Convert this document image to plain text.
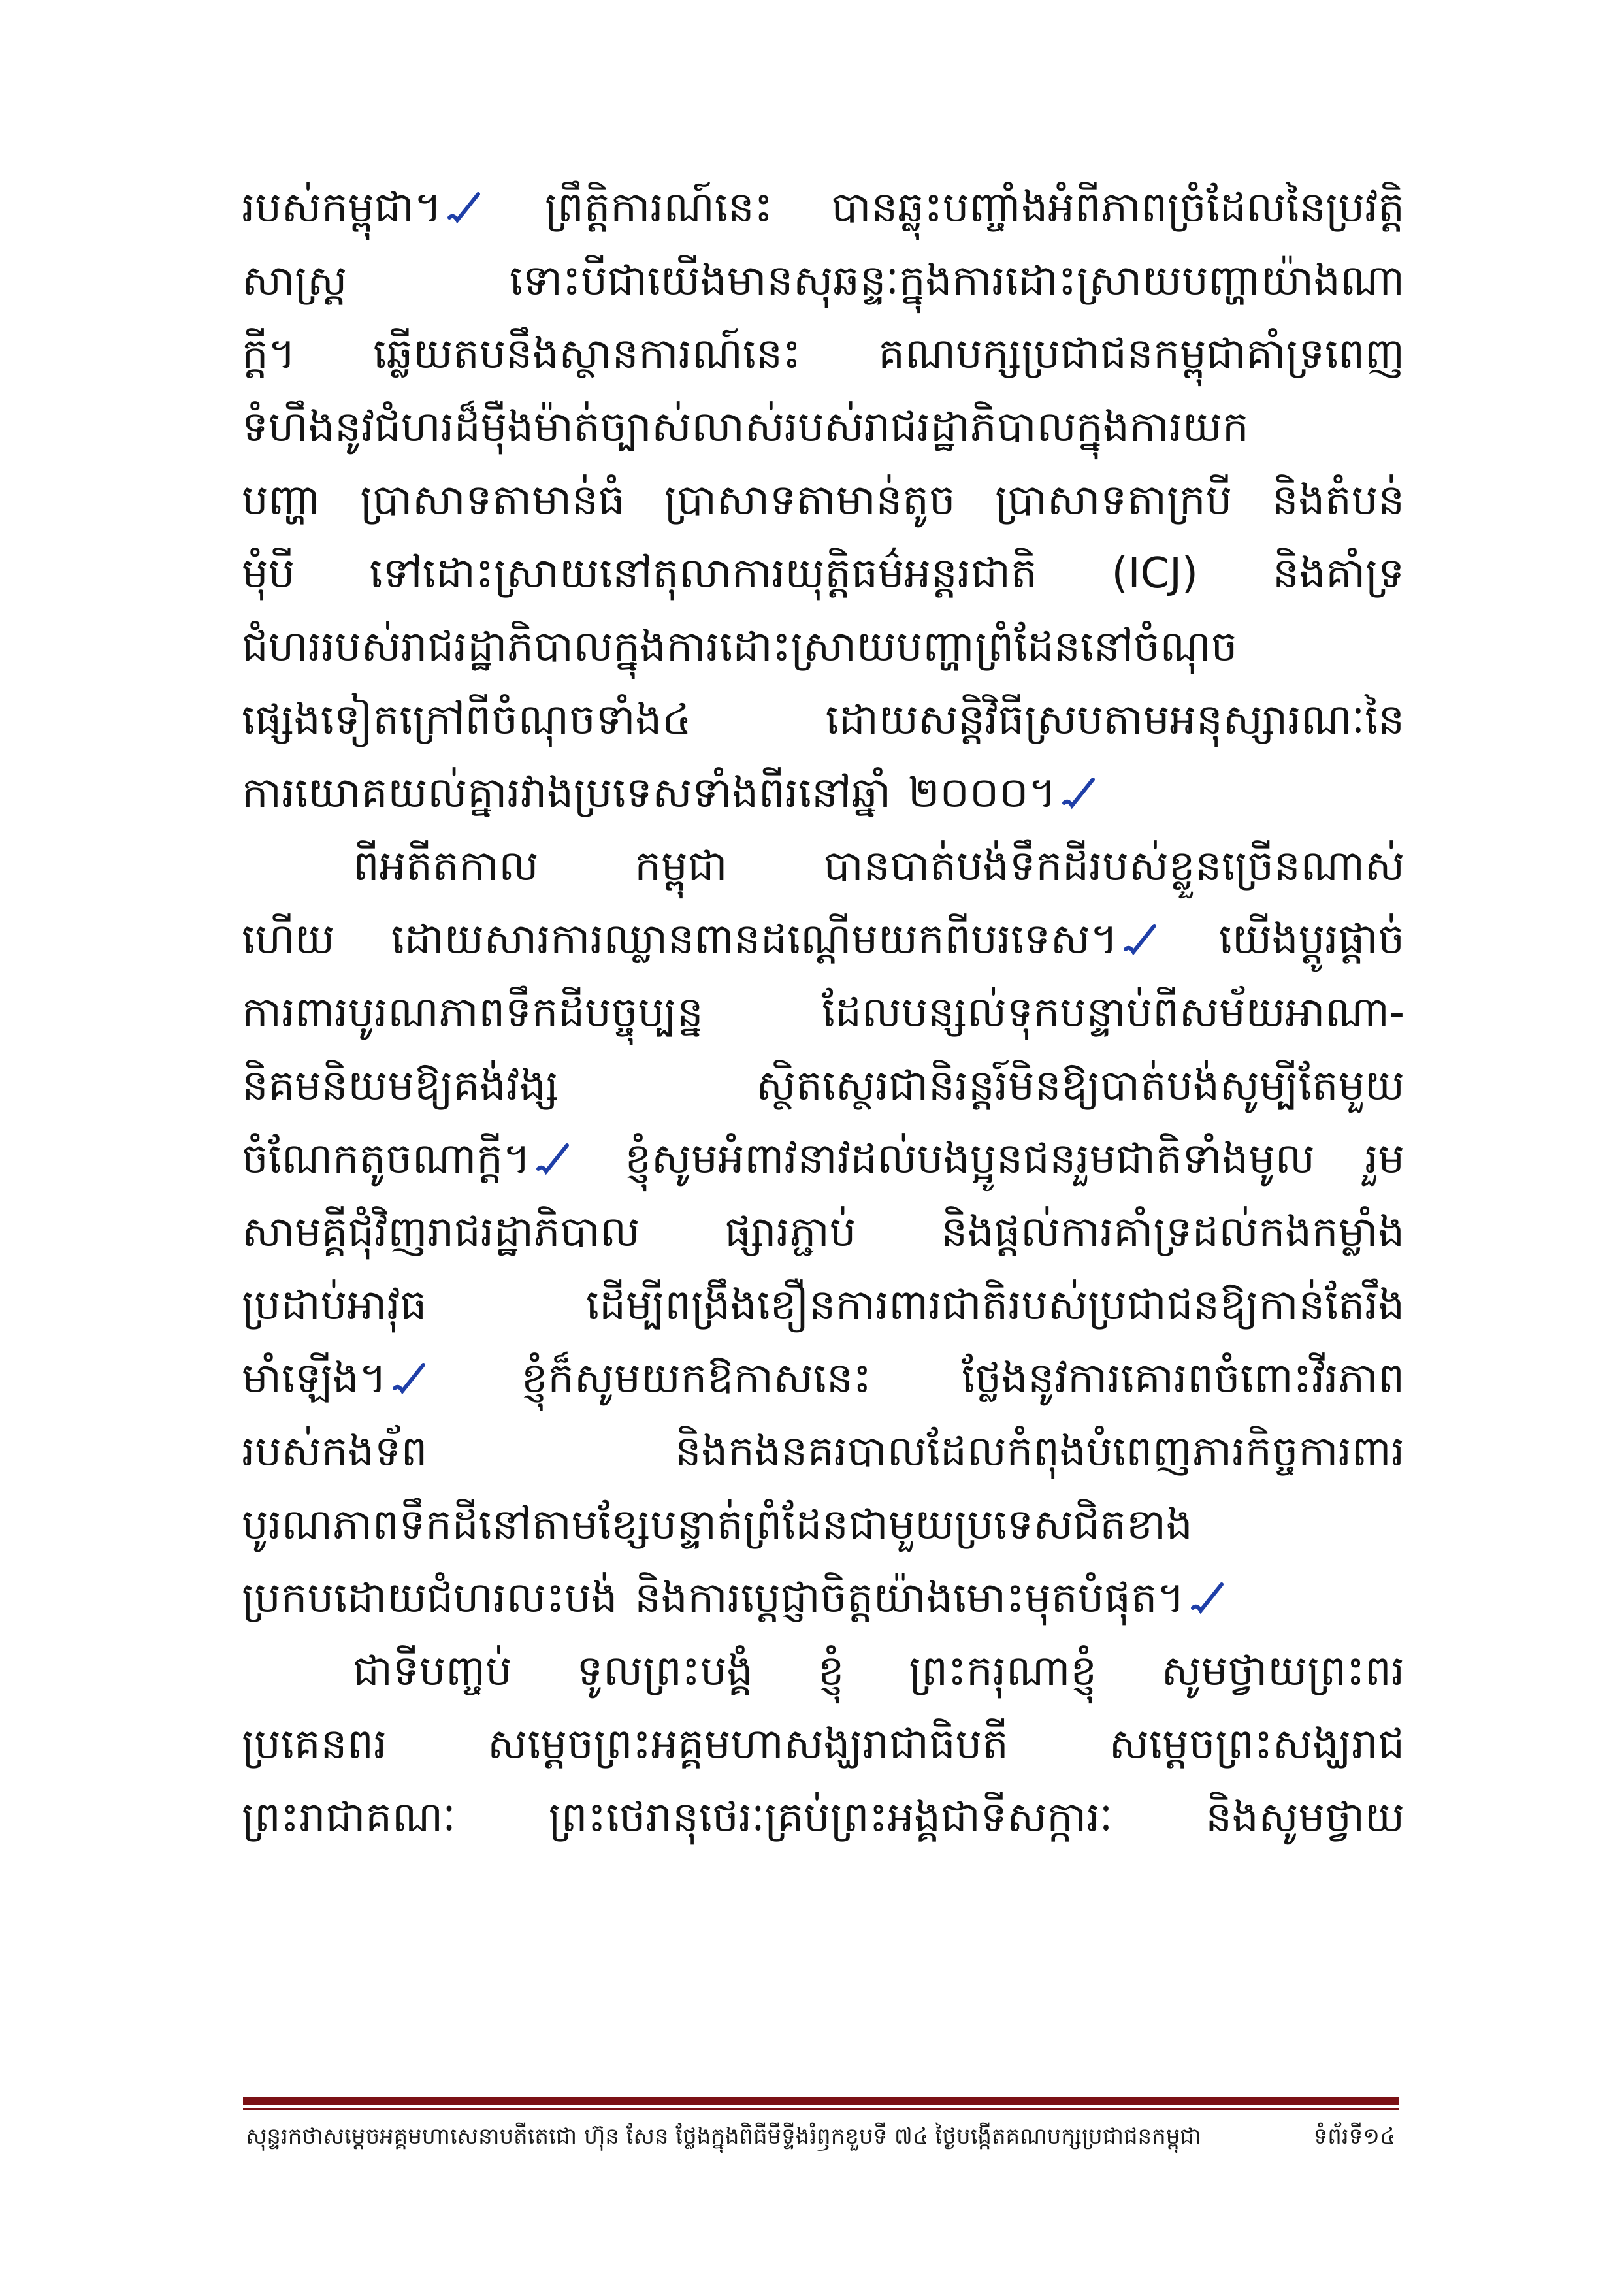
របស់កម្ពុជា។	ព្រឹត្តិការណ៍នេះ បានឆ្លុះបញ្ចាំងអំពីភាពច្រំដែលនៃប្រវត្តិ
សាស្ត្រ	ទោះបីជាយើងមានសុឆន្ទៈក្នុងការដោះស្រាយបញ្ហាយ៉ាងណា
ក្តី។ ឆ្លើយតបនឹងស្ថានការណ៍នេះ គណបក្សប្រជាជនកម្ពុជាគាំទ្រពេញ
ទំហឹងនូវជំហរដ៏មុឺងម៉ាត់ច្បាស់លាស់របស់រាជរដ្ឋាភិបាលក្នុងការយក
បញ្ហា ប្រាសាទតាមាន់ធំ ប្រាសាទតាមាន់តូច ប្រាសាទតាក្របី និងតំបន់
មុំបី ទៅដោះស្រាយនៅតុលាការយុត្តិធម៌អន្តរជាតិ (ICJ) និងគាំទ្រ
ជំហររបស់រាជរដ្ឋាភិបាលក្នុងការដោះស្រាយបញ្ហាព្រំដែននៅចំណុច
ផ្សេងទៀតក្រៅពីចំណុចទាំង៤	ដោយសន្តិវិធីស្របតាមអនុស្សារណៈនៃ
ការយោគយល់គ្នារវាងប្រទេសទាំងពីរនៅឆ្នាំ ២០០០។
ពីអតីតកាល កម្ពុជា បានបាត់បង់ទឹកដីរបស់ខ្លួនច្រើនណាស់
ហើយ ដោយសារការឈ្លានពានដណ្តើមយកពីបរទេស។	យើងប្តូរផ្តាច់
ការពារបូរណភាពទឹកដីបច្ចុប្បន្ន	ដែលបន្សល់ទុកបន្ទាប់ពីសម័យអាណា-
និគមនិយមឱ្យគង់វង្ស	ស្ថិតស្ថេរជានិរន្តរ៍មិនឱ្យបាត់បង់សូម្បីតែមួយ
ចំណែកតូចណាក្តី។	ខ្ញុំសូមអំពាវនាវដល់បងប្អូនជនរួមជាតិទាំងមូល រួម
សាមគ្គីជុំវិញរាជរដ្ឋាភិបាល ផ្សារភ្ជាប់ និងផ្តល់ការគាំទ្រដល់កងកម្លាំង
ប្រដាប់អាវុធ	ដើម្បីពង្រឹងខឿនការពារជាតិរបស់ប្រជាជនឱ្យកាន់តែរឹង
មាំឡើង។	ខ្ញុំក៏សូមយកឱកាសនេះ ថ្លែងនូវការគោរពចំពោះវីរភាព
របស់កងទ័ព	និងកងនគរបាលដែលកំពុងបំពេញភារកិច្ចការពារ
បូរណភាពទឹកដីនៅតាមខ្សែបន្ទាត់ព្រំដែនជាមួយប្រទេសជិតខាង
ប្រកបដោយជំហរលះបង់ និងការប្តេជ្ញាចិត្តយ៉ាងមោះមុតបំផុត។
ជាទីបញ្ចប់ ទូលព្រះបង្គំ ខ្ញុំ ព្រះករុណាខ្ញុំ សូមថ្វាយព្រះពរ
ប្រគេនពរ សម្តេចព្រះអគ្គមហាសង្ឃរាជាធិបតី សម្តេចព្រះសង្ឃរាជ
ព្រះរាជាគណៈ ព្រះថេរានុថេរៈគ្រប់ព្រះអង្គជាទីសក្ការៈ និងសូមថ្វាយ
សុន្ទរកថាសម្តេចអគ្គមហាសេនាបតីតេជោ ហ៊ុន សែន ថ្លែងក្នុងពិធីមីទ្ទីងរំឭកខួបទី ៧៤ ថ្ងៃបង្កើតគណបក្សប្រជាជនកម្ពុជា	ទំព័រទី១៤
